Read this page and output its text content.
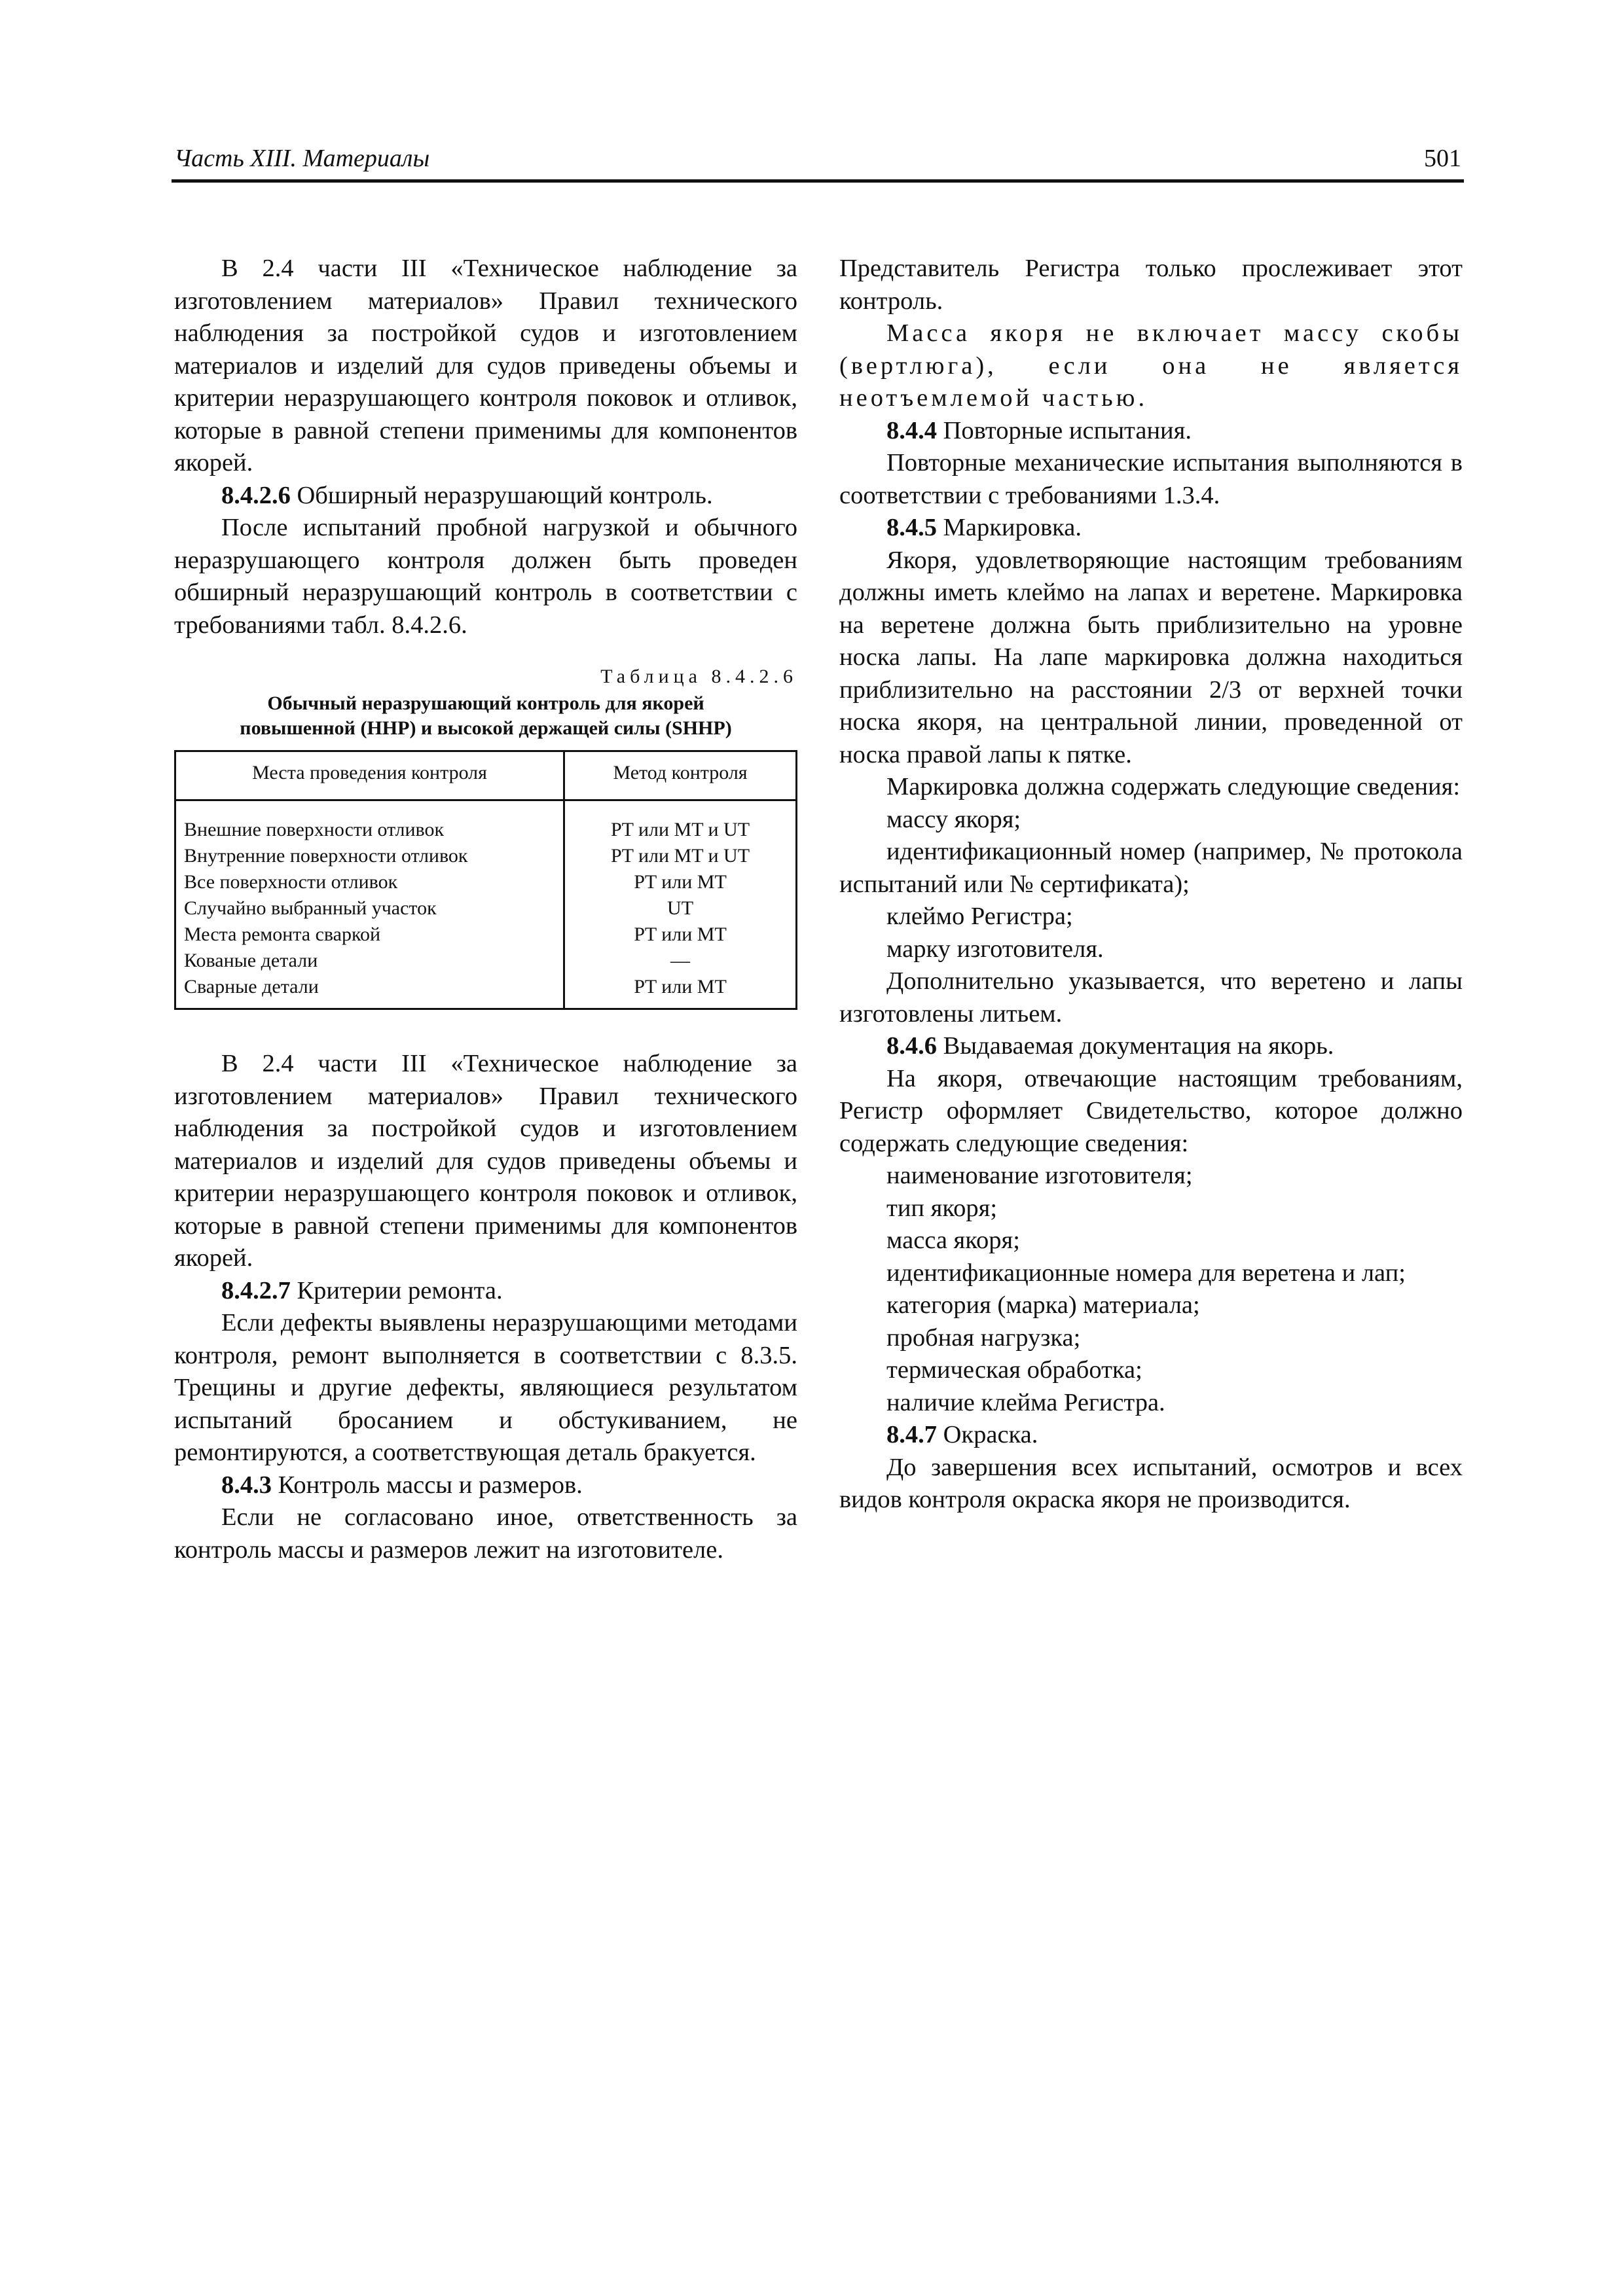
Часть XIII. Материалы	501

В 2.4 части III «Техническое наблюдение за изготовлением материалов» Правил технического наблюдения за постройкой судов и изготовлением материалов и изделий для судов приведены объемы и критерии неразрушающего контроля поковок и отливок, которые в равной степени применимы для компонентов якорей.

8.4.2.6 Обширный неразрушающий контроль.

После испытаний пробной нагрузкой и обычного неразрушающего контроля должен быть проведен обширный неразрушающий контроль в соответствии с требованиями табл. 8.4.2.6.

Таблица 8.4.2.6
Обычный неразрушающий контроль для якорей
повышенной (HHP) и высокой держащей силы (SHHP)
Места проведения контроля	Метод контроля
Внешние поверхности отливок	PT или MT и UT
Внутренние поверхности отливок	PT или MT и UT
Все поверхности отливок	PT или MT
Случайно выбранный участок	UT
Места ремонта сваркой	PT или MT
Кованые детали	—
Сварные детали	PT или MT

В 2.4 части III «Техническое наблюдение за изготовлением материалов» Правил технического наблюдения за постройкой судов и изготовлением материалов и изделий для судов приведены объемы и критерии неразрушающего контроля поковок и отливок, которые в равной степени применимы для компонентов якорей.

8.4.2.7 Критерии ремонта.

Если дефекты выявлены неразрушающими методами контроля, ремонт выполняется в соответствии с 8.3.5. Трещины и другие дефекты, являющиеся результатом испытаний бросанием и обстукиванием, не ремонтируются, а соответствующая деталь бракуется.

8.4.3 Контроль массы и размеров.

Если не согласовано иное, ответственность за контроль массы и размеров лежит на изготовителе.

Представитель Регистра только прослеживает этот контроль.

Масса якоря не включает массу скобы (вертлюга), если она не является неотъемлемой частью.

8.4.4 Повторные испытания.

Повторные механические испытания выполняются в соответствии с требованиями 1.3.4.

8.4.5 Маркировка.

Якоря, удовлетворяющие настоящим требованиям должны иметь клеймо на лапах и веретене. Маркировка на веретене должна быть приблизительно на уровне носка лапы. На лапе маркировка должна находиться приблизительно на расстоянии 2/3 от верхней точки носка якоря, на центральной линии, проведенной от носка правой лапы к пятке.

Маркировка должна содержать следующие сведения:

массу якоря;

идентификационный номер (например, № протокола испытаний или № сертификата);

клеймо Регистра;

марку изготовителя.

Дополнительно указывается, что веретено и лапы изготовлены литьем.

8.4.6 Выдаваемая документация на якорь.

На якоря, отвечающие настоящим требованиям, Регистр оформляет Свидетельство, которое должно содержать следующие сведения:

наименование изготовителя;

тип якоря;

масса якоря;

идентификационные номера для веретена и лап;

категория (марка) материала;

пробная нагрузка;

термическая обработка;

наличие клейма Регистра.

8.4.7 Окраска.

До завершения всех испытаний, осмотров и всех видов контроля окраска якоря не производится.
